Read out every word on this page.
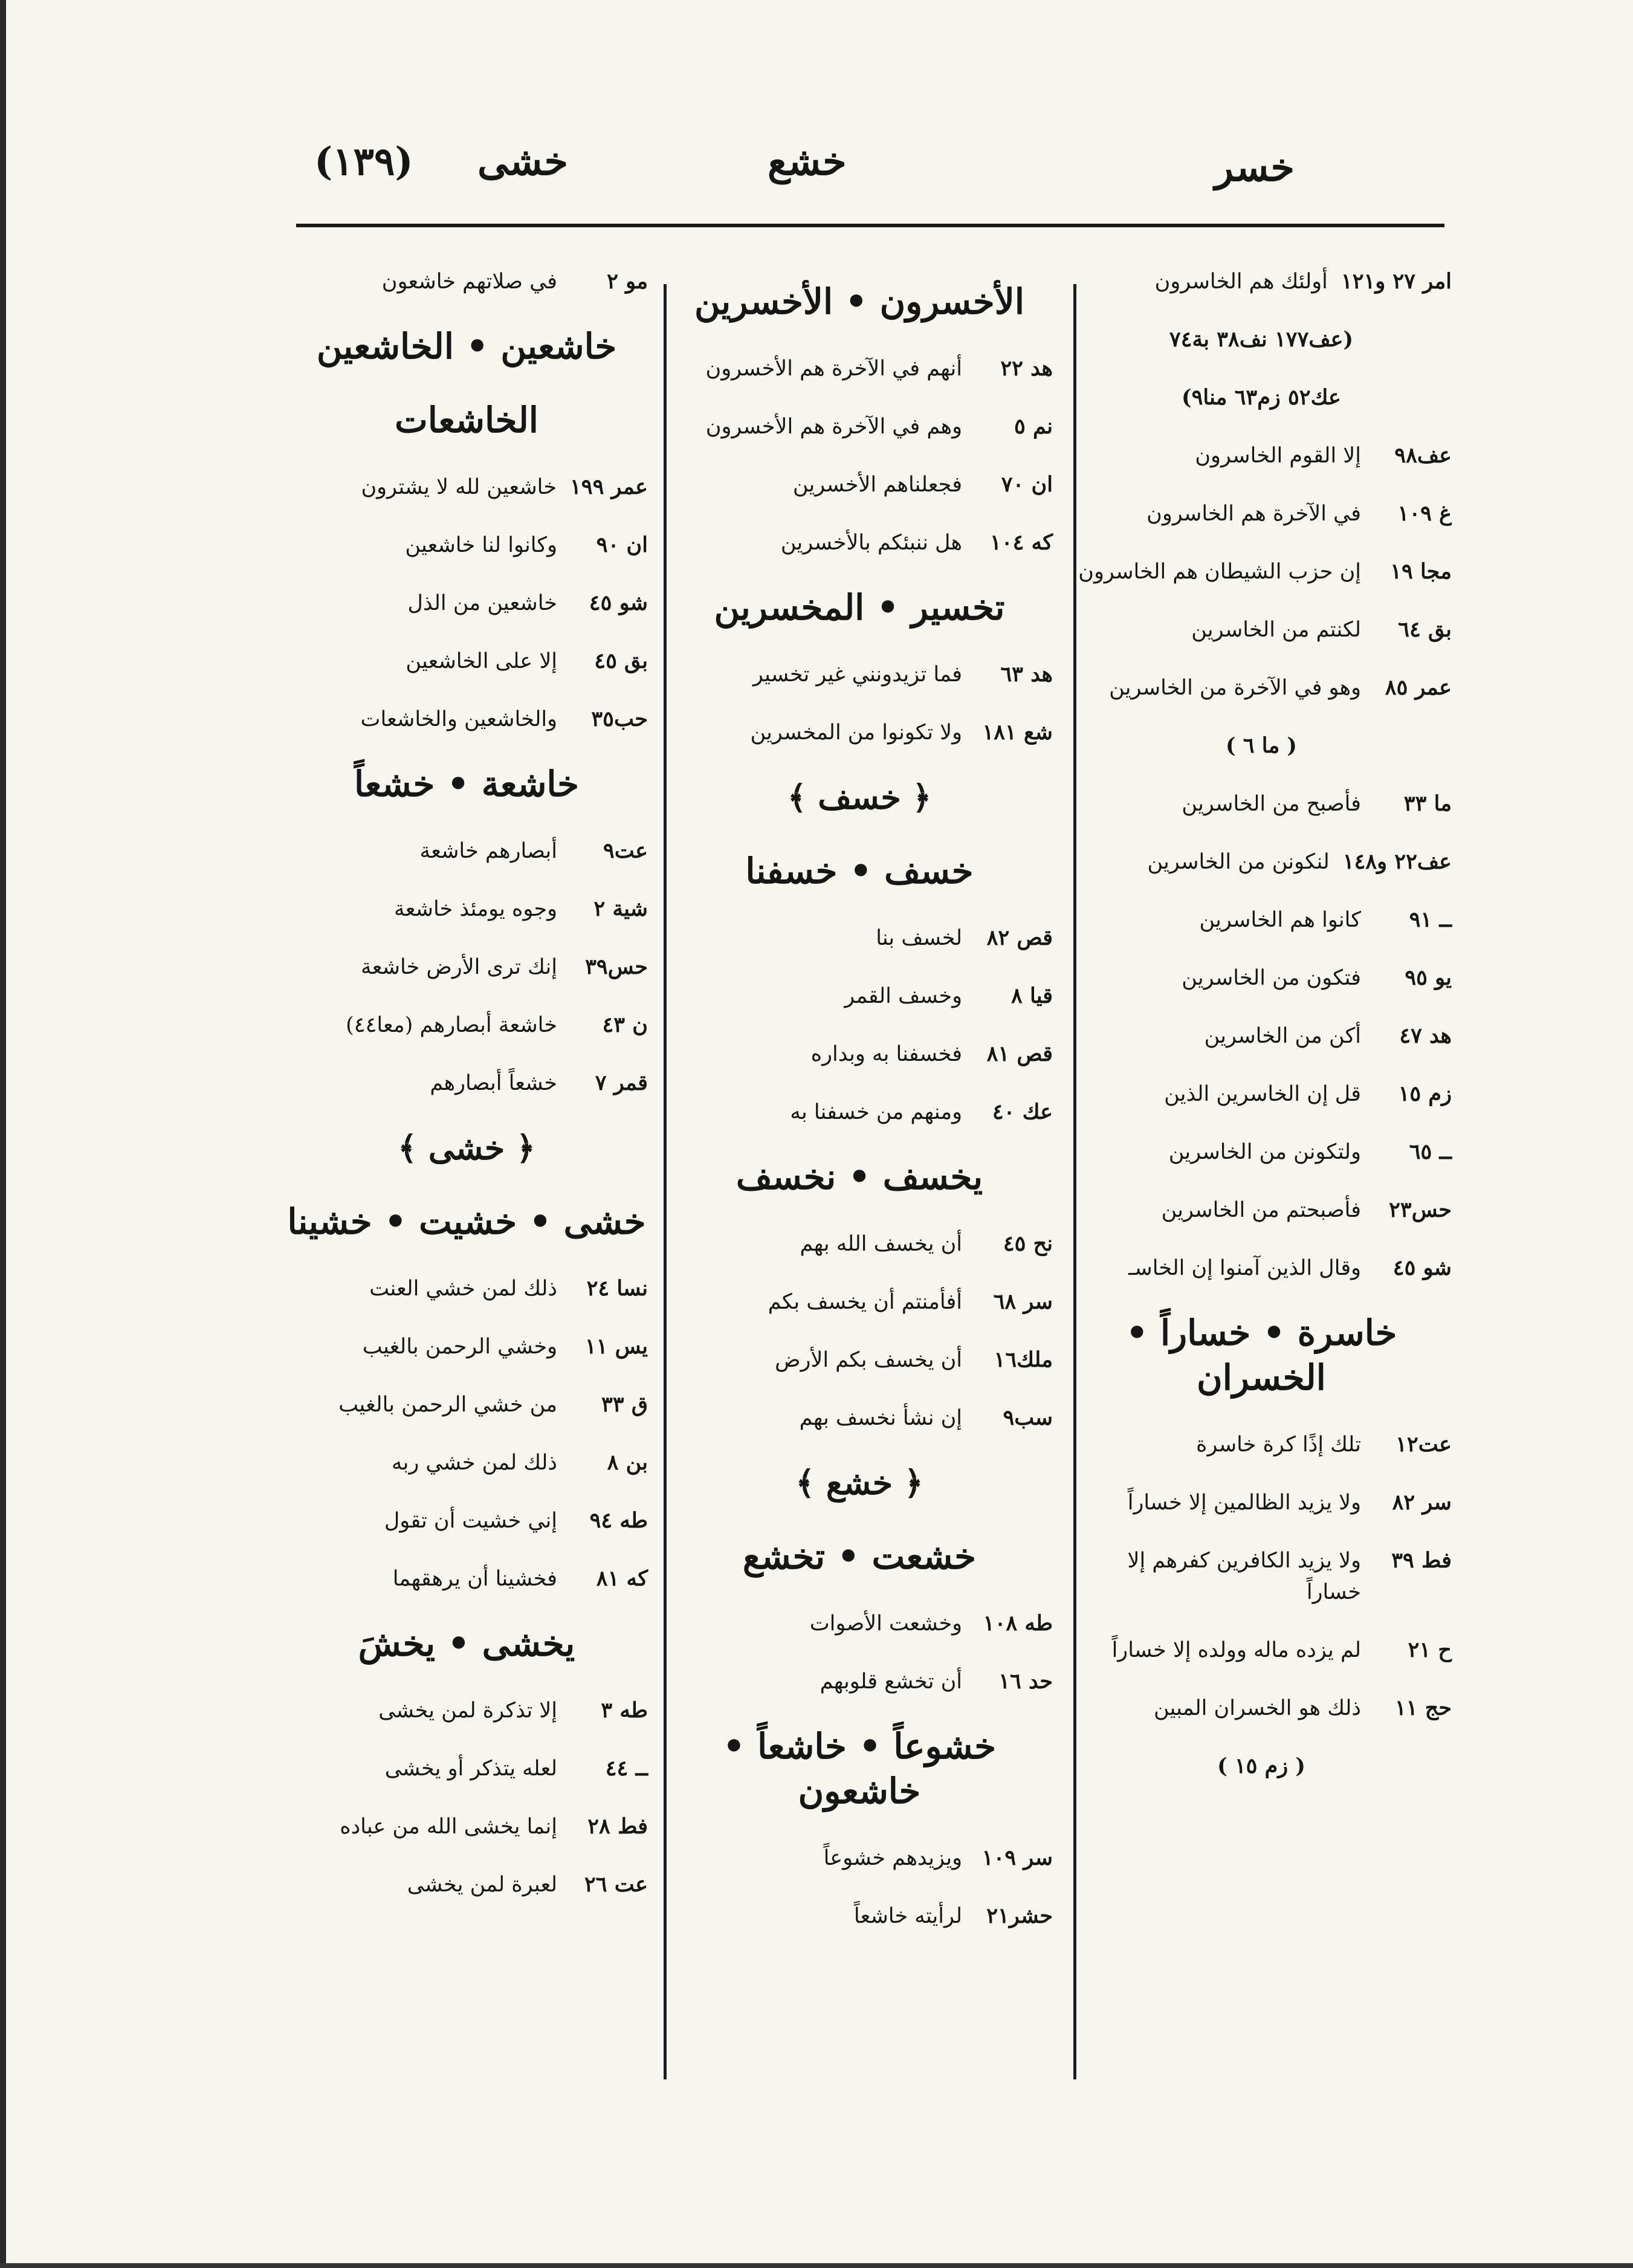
خسر
خشع
خشى
(١٣٩)
امر ٢٧ و١٢١
أولئك هم الخاسرون
(عف١٧٧ نف٣٨ بة٧٤
عك٥٢ زم٦٣ منا٩)
عف٩٨
إلا القوم الخاسرون
غ ١٠٩
في الآخرة هم الخاسرون
مجا ١٩
إن حزب الشيطان هم الخاسرون
بق ٦٤
لكنتم من الخاسرين
عمر ٨٥
وهو في الآخرة من الخاسرين
( ما ٦ )
ما ٣٣
فأصبح من الخاسرين
عف٢٢ و١٤٨
لنكونن من الخاسرين
ــ ٩١
كانوا هم الخاسرين
يو ٩٥
فتكون من الخاسرين
هد ٤٧
أكن من الخاسرين
زم ١٥
قل إن الخاسرين الذين
ــ ٦٥
ولتكونن من الخاسرين
حس٢٣
فأصبحتم من الخاسرين
شو ٤٥
وقال الذين آمنوا إن الخاسـ
خاسرة • خساراً • الخسران
عت١٢
تلك إذًا كرة خاسرة
سر ٨٢
ولا يزيد الظالمين إلا خساراً
فط ٣٩
ولا يزيد الكافرين كفرهم إلا خساراً
ح ٢١
لم يزده ماله وولده إلا خساراً
حج ١١
ذلك هو الخسران المبين
( زم ١٥ )
الأخسرون • الأخسرين
هد ٢٢
أنهم في الآخرة هم الأخسرون
نم ٥
وهم في الآخرة هم الأخسرون
ان ٧٠
فجعلناهم الأخسرين
كه ١٠٤
هل ننبئكم بالأخسرين
تخسير • المخسرين
هد ٦٣
فما تزيدونني غير تخسير
شع ١٨١
ولا تكونوا من المخسرين
﴿ خسف ﴾
خسف • خسفنا
قص ٨٢
لخسف بنا
قيا ٨
وخسف القمر
قص ٨١
فخسفنا به وبداره
عك ٤٠
ومنهم من خسفنا به
يخسف • نخسف
نح ٤٥
أن يخسف الله بهم
سر ٦٨
أفأمنتم أن يخسف بكم
ملك١٦
أن يخسف بكم الأرض
سب٩
إن نشأ نخسف بهم
﴿ خشع ﴾
خشعت • تخشع
طه ١٠٨
وخشعت الأصوات
حد ١٦
أن تخشع قلوبهم
خشوعاً • خاشعاً • خاشعون
سر ١٠٩
ويزيدهم خشوعاً
حشر٢١
لرأيته خاشعاً
مو ٢
في صلاتهم خاشعون
خاشعين • الخاشعين
الخاشعات
عمر ١٩٩
خاشعين لله لا يشترون
ان ٩٠
وكانوا لنا خاشعين
شو ٤٥
خاشعين من الذل
بق ٤٥
إلا على الخاشعين
حب٣٥
والخاشعين والخاشعات
خاشعة • خشعاً
عت٩
أبصارهم خاشعة
شية ٢
وجوه يومئذ خاشعة
حس٣٩
إنك ترى الأرض خاشعة
ن ٤٣
خاشعة أبصارهم (معا٤٤)
قمر ٧
خشعاً أبصارهم
﴿ خشى ﴾
خشى • خشيت • خشينا
نسا ٢٤
ذلك لمن خشي العنت
يس ١١
وخشي الرحمن بالغيب
ق ٣٣
من خشي الرحمن بالغيب
بن ٨
ذلك لمن خشي ربه
طه ٩٤
إني خشيت أن تقول
كه ٨١
فخشينا أن يرهقهما
يخشى • يخشَ
طه ٣
إلا تذكرة لمن يخشى
ــ ٤٤
لعله يتذكر أو يخشى
فط ٢٨
إنما يخشى الله من عباده
عت ٢٦
لعبرة لمن يخشى
